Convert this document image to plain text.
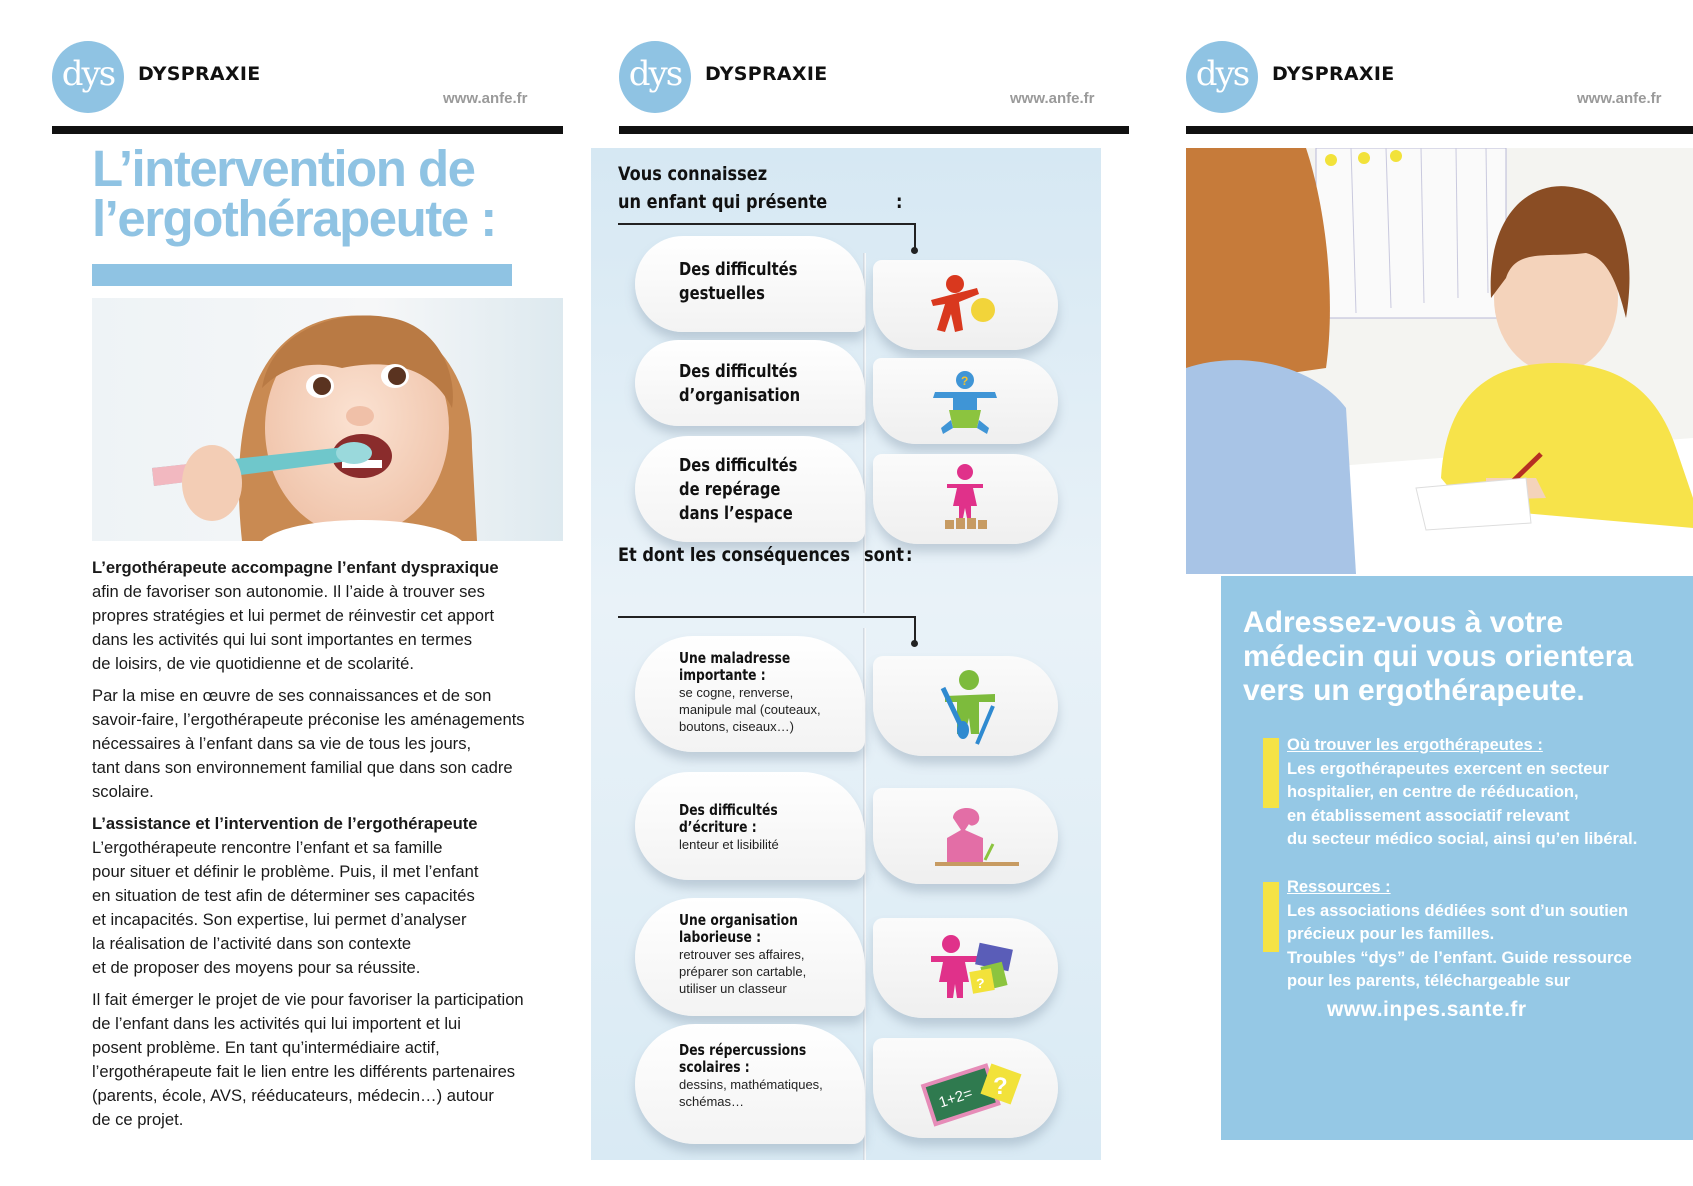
dys	DYSPRAXIE
www.anfe.fr
dys	DYSPRAXIE
www.anfe.fr
dys	DYSPRAXIE
www.anfe.fr
L’intervention de
l’ergothérapeute :

L’ergothérapeute accompagne l’enfant dyspraxique
afin de favoriser son autonomie. Il l’aide à trouver ses
propres stratégies et lui permet de réinvestir cet apport
dans les activités qui lui sont importantes en termes
de loisirs, de vie quotidienne et de scolarité.

Par la mise en œuvre de ses connaissances et de son
savoir-faire, l’ergothérapeute préconise les aménagements
nécessaires à l’enfant dans sa vie de tous les jours,
tant dans son environnement familial que dans son cadre
scolaire.

L’assistance et l’intervention de l’ergothérapeute
L’ergothérapeute rencontre l’enfant et sa famille
pour situer et définir le problème. Puis, il met l’enfant
en situation de test afin de déterminer ses capacités
et incapacités. Son expertise, lui permet d’analyser
la réalisation de l’activité dans son contexte
et de proposer des moyens pour sa réussite.

Il fait émerger le projet de vie pour favoriser la participation
de l’enfant dans les activités qui lui importent et lui
posent problème. En tant qu’intermédiaire actif,
l’ergothérapeute fait le lien entre les différents partenaires
(parents, école, AVS, rééducateurs, médecin…) autour
de ce projet.

Vous connaissez
un enfant qui présente	:
Des difficultés
gestuelles
Des difficultés
d’organisation
?
Des difficultés
de repérage
dans l’espace
Et dont les conséquences sont :
Une maladresse
importante :
se cogne, renverse,
manipule mal (couteaux,
boutons, ciseaux…)
Des difficultés
d’écriture :
lenteur et lisibilité
Une organisation
laborieuse :
retrouver ses affaires,
préparer son cartable,
utiliser un classeur	?
Des répercussions
scolaires :
dessins, mathématiques,
schémas…	1+2= ?
Adressez-vous à votre
médecin qui vous orientera
vers un ergothérapeute.
Où trouver les ergothérapeutes :
Les ergothérapeutes exercent en secteur
hospitalier, en centre de rééducation,
en établissement associatif relevant
du secteur médico social, ainsi qu’en libéral.
Ressources :
Les associations dédiées sont d’un soutien
précieux pour les familles.
Troubles “dys” de l’enfant. Guide ressource
pour les parents, téléchargeable sur
www.inpes.sante.fr
